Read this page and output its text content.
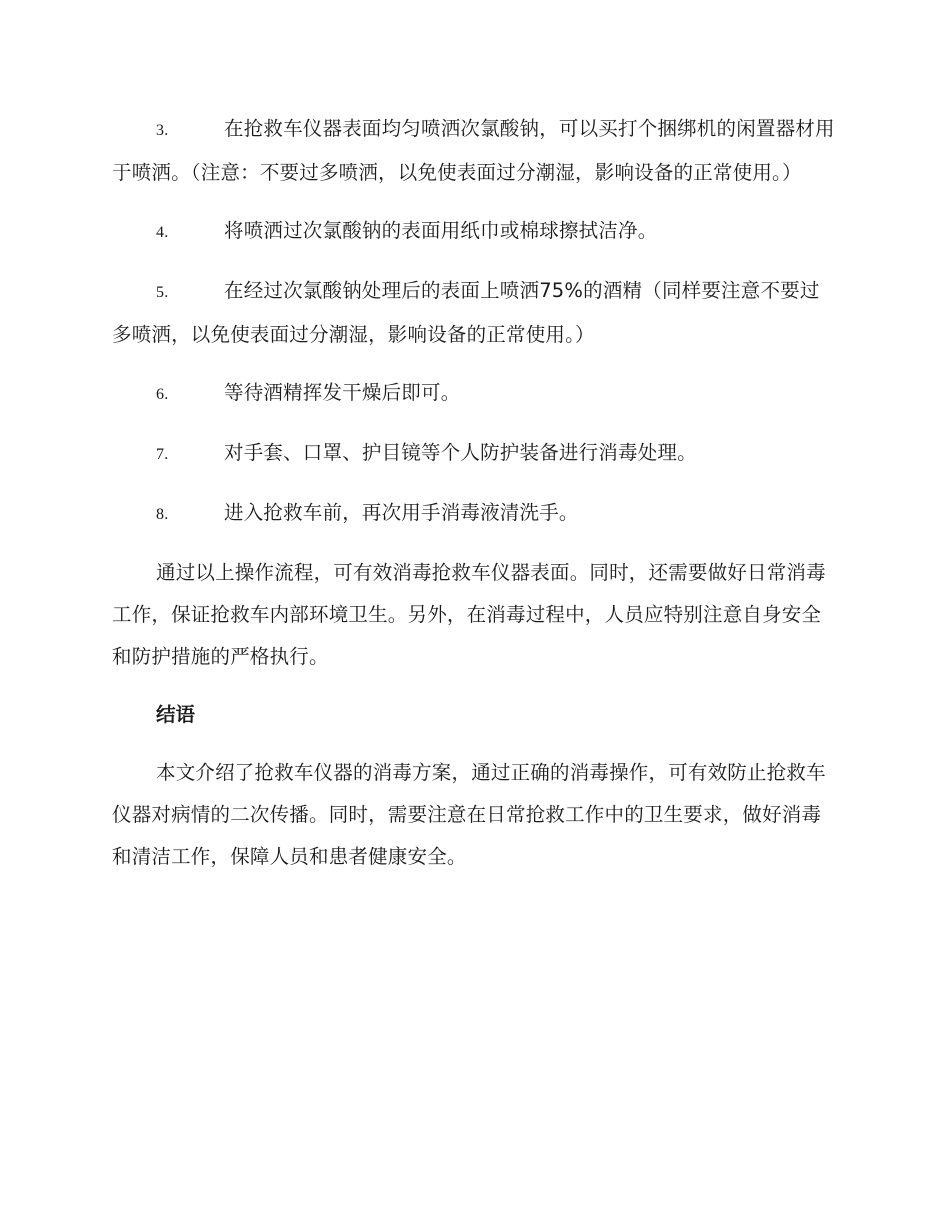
3.	在抢救车仪器表面均匀喷洒次氯酸钠，可以买打个捆绑机的闲置器材用于喷洒。（注意：不要过多喷洒，以免使表面过分潮湿，影响设备的正常使用。）

4.	将喷洒过次氯酸钠的表面用纸巾或棉球擦拭洁净。

5.	在经过次氯酸钠处理后的表面上喷洒75%的酒精（同样要注意不要过多喷洒，以免使表面过分潮湿，影响设备的正常使用。）

6.	等待酒精挥发干燥后即可。

7.	对手套、口罩、护目镜等个人防护装备进行消毒处理。

8.	进入抢救车前，再次用手消毒液清洗手。

通过以上操作流程，可有效消毒抢救车仪器表面。同时，还需要做好日常消毒工作，保证抢救车内部环境卫生。另外，在消毒过程中，人员应特别注意自身安全和防护措施的严格执行。

结语

本文介绍了抢救车仪器的消毒方案，通过正确的消毒操作，可有效防止抢救车仪器对病情的二次传播。同时，需要注意在日常抢救工作中的卫生要求，做好消毒和清洁工作，保障人员和患者健康安全。
